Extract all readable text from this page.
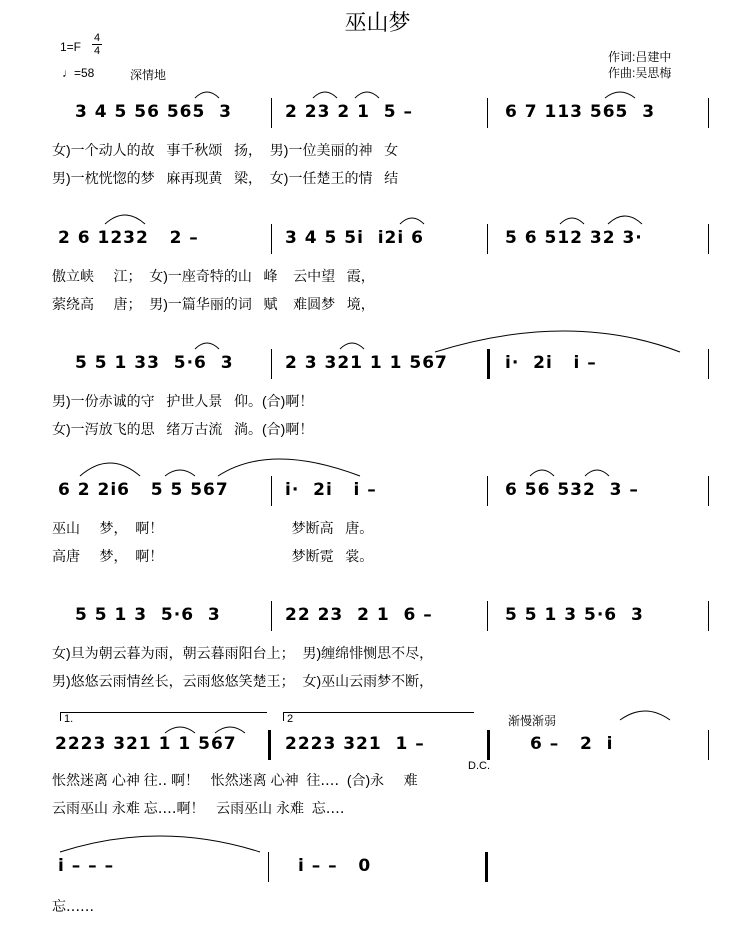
巫山梦
1=F
4
4
♩=58	深情地
作词:吕建中
作曲:吴思梅
3 4 5 56 565  3	2 23 2 1  5 –	6 7 113 565  3
女)一个动人的故   事千秋颂   扬，  男)一位美丽的神   女
男)一枕恍惚的梦   麻再现黄   梁，  女)一任楚王的情   结
2 6 1232   2 –	3 4 5 5i  i2i 6	5 6 512 32 3·
傲立峡     江；  女)一座奇特的山   峰    云中望   霞，
萦绕高     唐；  男)一篇华丽的词   赋    难圆梦   境，
5 5 1 33  5·6  3	2 3 321 1 1 567	i·  2i   i –
男)一份赤诚的守   护世人景   仰。(合)啊！
女)一泻放飞的思   绪万古流   淌。(合)啊！
6 2 2i6   5 5 567	i·  2i   i –	6 56 532  3 –
巫山     梦，  啊！                                 梦断高   唐。
高唐     梦，  啊！                                 梦断霓   裳。
5 5 1 3  5·6  3	22 23  2 1  6 –	5 5 1 3 5·6  3
女)旦为朝云暮为雨，朝云暮雨阳台上；  男)缠绵悱恻思不尽，
男)悠悠云雨情丝长，云雨悠悠笑楚王；  女)巫山云雨梦不断，
1.	2	渐慢渐弱
2223 321 1 1 567	2223 321  1 –	6 –   2  i
D.C.
怅然迷离 心神 往‥ 啊！   怅然迷离 心神  往‥‥  (合)永     难
云雨巫山 永难 忘‥‥啊！   云雨巫山 永难  忘‥‥
i – – –	i – –   0
忘‥‥‥
